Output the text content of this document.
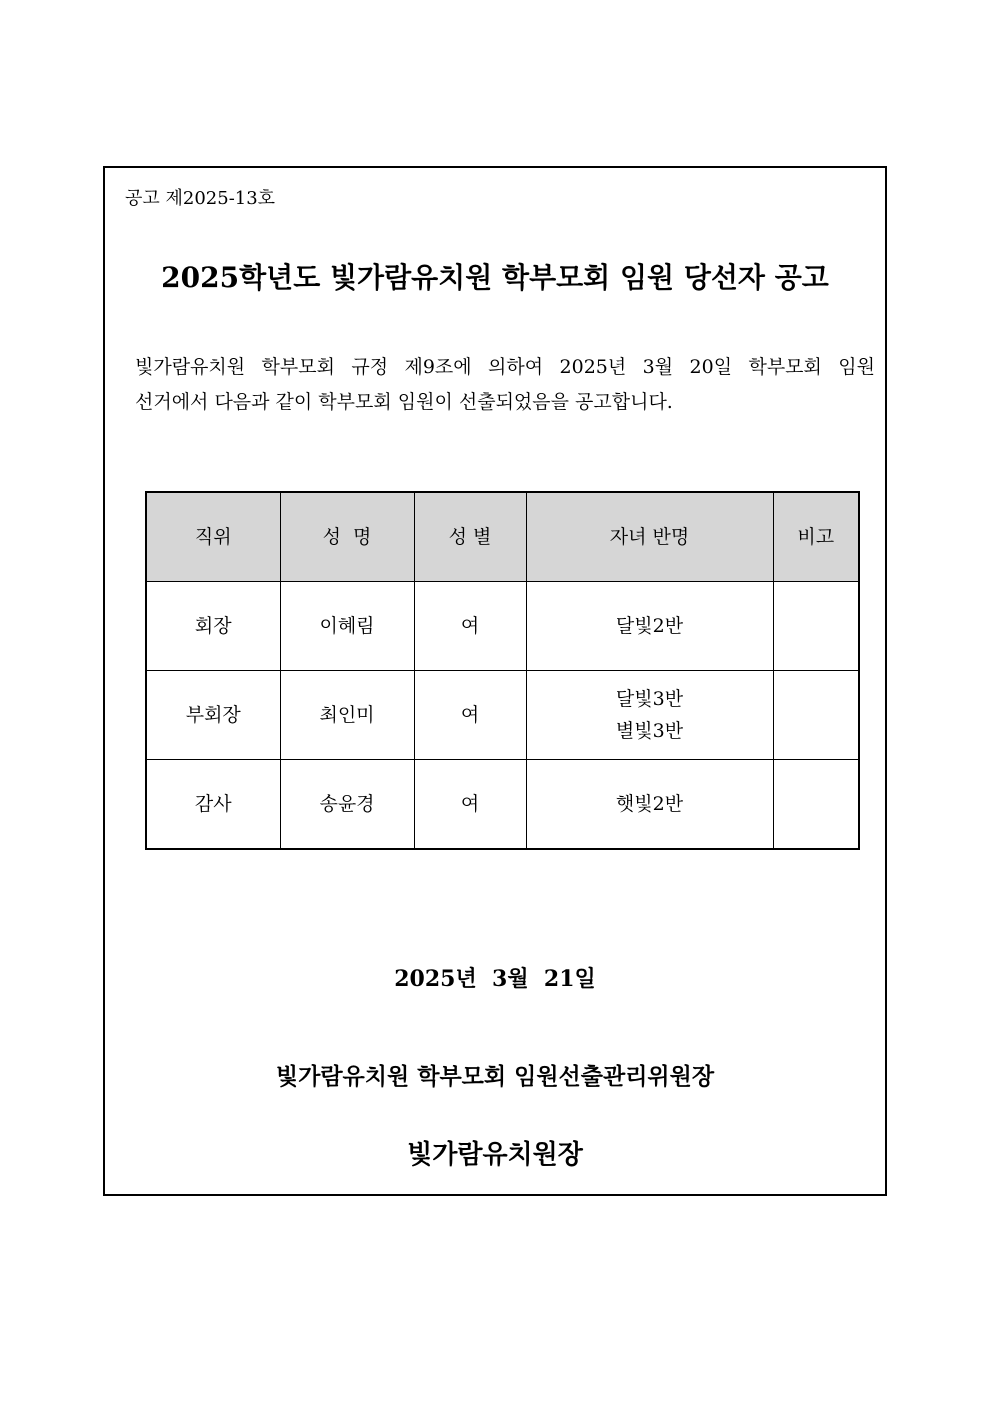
공고 제2025-13호
2025학년도 빛가람유치원 학부모회 임원 당선자 공고
빛가람유치원 학부모회 규정 제9조에 의하여 2025년 3월 20일 학부모회 임원
선거에서 다음과 같이 학부모회 임원이 선출되었음을 공고합니다.
직위	성  명	성 별	자녀 반명	비고
회장	이혜림	여	달빛2반	

부회장	최인미	여	달빛3반
별빛3반	

감사	송윤경	여	햇빛2반	

2025년  3월  21일
빛가람유치원 학부모회 임원선출관리위원장
빛가람유치원장
